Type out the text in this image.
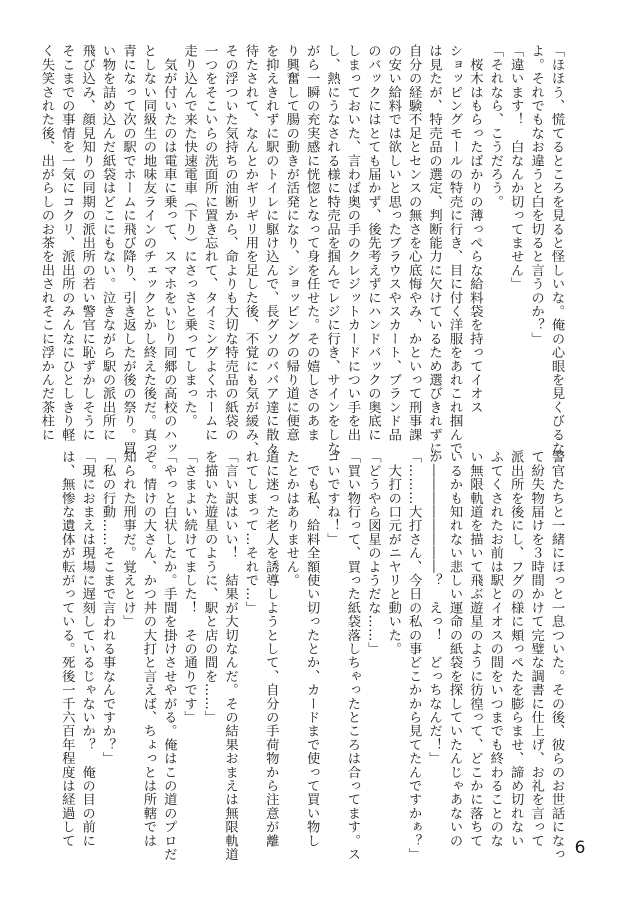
「ほほう、慌てるところを見ると怪しいな。俺の心眼を見くびるな

よ。それでもなお違うと白を切ると言うのか？」

「違います！　白なんか切ってません」

「それなら、こうだろう。

　桜木はもらったばかりの薄っぺらな給料袋を持ってイオス

ショッピングモールの特売に行き、目に付く洋服をあれこれ掴んで

は見たが、特売品の選定、判断能力に欠けているため選びきれずに

自分の経験不足とセンスの無さを心底悔やみ、かといって刑事課

の安い給料では欲しいと思ったブラウスやスカート、ブランド品

のバックにはとても届かず、後先考えずにハンドバックの奥底に

しまっておいた、言わば奥の手のクレジットカードについ手を出

し、熱にうなされる様に特売品を掴んでレジに行き、サインをしな

がら一瞬の充実感に恍惚となって身を任せた。その嬉しさのあま

り興奮して腸の動きが活発になり、ショッピングの帰り道に便意

を抑えきれずに駅のトイレに駆け込んで、長グソのババア達に散々

待たされて、なんとかギリギリ用を足した後、不覚にも気が緩み、

その浮ついた気持ちの油断から、命よりも大切な特売品の紙袋の

一つをそこいらの洗面所に置き忘れて、タイミングよくホームに

走り込んで来た快速電車（下り）にさっさと乗ってしまった。

　気が付いたのは電車に乗って、スマホをいじり同郷の高校のハッ

としない同級生の地味友ラインのチェックとかし終えた後だ。真っ

青になって次の駅でホームに飛び降り、引き返したが後の祭り。買

い物を詰め込んだ紙袋はどこにもない。泣きながら駅の派出所に

飛び込み、顔見知りの同期の派出所の若い警官に恥ずかしそうに

そこまでの事情を一気にコクリ、派出所のみんなにひとしきり軽

く失笑された後、出がらしのお茶を出されそこに浮かんだ茶柱に

警官たちと一緒にほっと一息ついた。その後、彼らのお世話になっ

て紛失物届けを３時間かけて完璧な調書に仕上げ、お礼を言って

派出所を後にし、フグの様に頬っぺたを膨らませ、諦め切れない

ふてくされたお前は駅とイオスの間をいつまでも終わることのな

い無限軌道を描いて飛ぶ遊星のように彷徨って、どこかに落ちて

いるかも知れない悲しい運命の紙袋を探していたんじゃあないの

か――――――――？　えっ！　どっちなんだ！」

「………大打さん、今日の私の事どこかから見てたんですかぁ？」

　大打の口元がニヤリと動いた。

「どうやら図星のようだな……」

「買い物行って、買った紙袋落しちゃったところは合ってます。ス

ゴいですね！」

　でも私、給料全額使い切ったとか、カードまで使って買い物し

たとかはありません。

道に迷った老人を誘導しようとして、自分の手荷物から注意が離

れてしまって…それで…」

「言い訳はいい！　結果が大切なんだ。その結果おまえは無限軌道

を描いた遊星のように、駅と店の間を……」

「さまよい続けてました！　その通りです」

「やっと白状したか。手間を掛けさせやがる。俺はこの道のプロだ

ぞ。情けの大さん、かつ丼の大打と言えば、ちょっとは所轄では

知られた刑事だ。覚えとけ」

「私の行動……そこまで言われる事なんですか？」

「現におまえは現場に遅刻しているじゃないか？　俺の目の前に

は、無惨な遺体が転がっている。死後一千六百年程度は経過して

6
